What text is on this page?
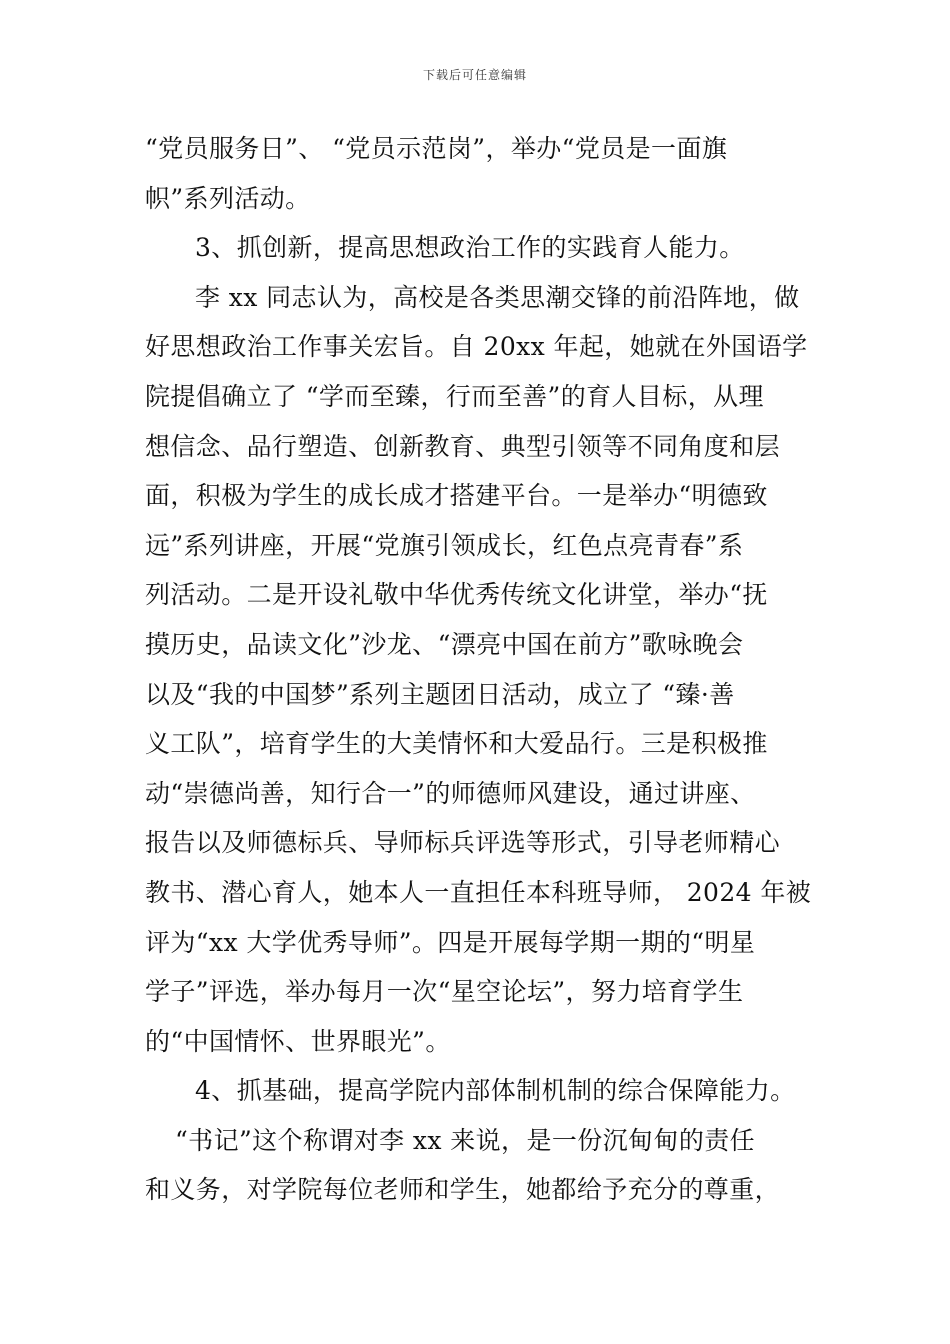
下载后可任意编辑
“党员服务日”、 “党员示范岗”，举办“党员是一面旗
帜”系列活动。
3、抓创新，提高思想政治工作的实践育人能力。
李 xx 同志认为，高校是各类思潮交锋的前沿阵地，做
好思想政治工作事关宏旨。自 20xx 年起，她就在外国语学
院提倡确立了 “学而至臻，行而至善”的育人目标，从理
想信念、品行塑造、创新教育、典型引领等不同角度和层
面，积极为学生的成长成才搭建平台。一是举办“明德致
远”系列讲座，开展“党旗引领成长，红色点亮青春”系
列活动。二是开设礼敬中华优秀传统文化讲堂，举办“抚
摸历史，品读文化”沙龙、“漂亮中国在前方”歌咏晚会
以及“我的中国梦”系列主题团日活动，成立了 “臻·善
义工队”，培育学生的大美情怀和大爱品行。三是积极推
动“崇德尚善，知行合一”的师德师风建设，通过讲座、
报告以及师德标兵、导师标兵评选等形式，引导老师精心
教书、潜心育人，她本人一直担任本科班导师， 2024 年被
评为“xx 大学优秀导师”。四是开展每学期一期的“明星
学子”评选，举办每月一次“星空论坛”，努力培育学生
的“中国情怀、世界眼光”。
4、抓基础，提高学院内部体制机制的综合保障能力。
“书记”这个称谓对李 xx 来说，是一份沉甸甸的责任
和义务，对学院每位老师和学生，她都给予充分的尊重，
